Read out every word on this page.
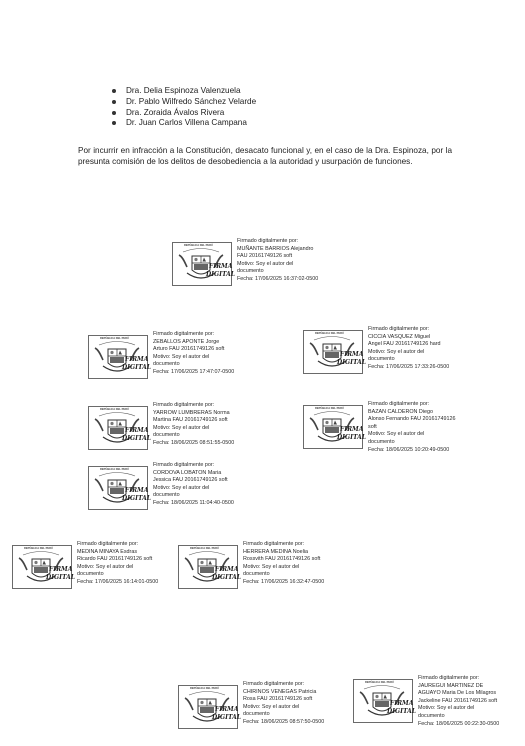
Dra. Delia Espinoza Valenzuela
Dr. Pablo Wilfredo Sánchez Velarde
Dra. Zoraida Ávalos Rivera
Dr. Juan Carlos Villena Campana

Por incurrir en infracción a la Constitución, desacato funcional y, en el caso de la Dra. Espinoza, por la presunta comisión de los delitos de desobediencia a la autoridad y usurpación de funciones.

REPÚBLICA DEL PERÚ
FIRMA
DIGITAL
Firmado digitalmente por:
MUÑANTE BARRIOS Alejandro
FAU 20161749126 soft
Motivo: Soy el autor del
documento
Fecha: 17/06/2025 16:37:02-0500
REPÚBLICA DEL PERÚ
FIRMA
DIGITAL
Firmado digitalmente por:
CICCIA VASQUEZ Miguel
Angel FAU 20161749126 hard
Motivo: Soy el autor del
documento
Fecha: 17/06/2025 17:33:26-0500
REPÚBLICA DEL PERÚ
FIRMA
DIGITAL
Firmado digitalmente por:
ZEBALLOS APONTE Jorge
Arturo FAU 20161749126 soft
Motivo: Soy el autor del
documento
Fecha: 17/06/2025 17:47:07-0500
REPÚBLICA DEL PERÚ
FIRMA
DIGITAL
Firmado digitalmente por:
YARROW LUMBRERAS Norma
Martina FAU 20161749126 soft
Motivo: Soy el autor del
documento
Fecha: 18/06/2025 08:51:55-0500
REPÚBLICA DEL PERÚ
FIRMA
DIGITAL
Firmado digitalmente por:
BAZAN CALDERON Diego
Alonso Fernando FAU 20161749126
soft
Motivo: Soy el autor del
documento
Fecha: 18/06/2025 10:20:49-0500
REPÚBLICA DEL PERÚ
FIRMA
DIGITAL
Firmado digitalmente por:
CORDOVA LOBATON Maria
Jessica FAU 20161749126 soft
Motivo: Soy el autor del
documento
Fecha: 18/06/2025 11:04:40-0500
REPÚBLICA DEL PERÚ
FIRMA
DIGITAL
Firmado digitalmente por:
MEDINA MINAYA Esdras
Ricardo FAU 20161749126 soft
Motivo: Soy el autor del
documento
Fecha: 17/06/2025 16:14:01-0500
REPÚBLICA DEL PERÚ
FIRMA
DIGITAL
Firmado digitalmente por:
HERRERA MEDINA Noelia
Rossvith FAU 20161749126 soft
Motivo: Soy el autor del
documento
Fecha: 17/06/2025 16:32:47-0500
REPÚBLICA DEL PERÚ
FIRMA
DIGITAL
Firmado digitalmente por:
JAUREGUI MARTINEZ DE
AGUAYO Maria De Los Milagros
Jackeline FAU 20161749126 soft
Motivo: Soy el autor del
documento
Fecha: 18/06/2025 00:22:30-0500
REPÚBLICA DEL PERÚ
FIRMA
DIGITAL
Firmado digitalmente por:
CHIRINOS VENEGAS Patricia
Rosa FAU 20161749126 soft
Motivo: Soy el autor del
documento
Fecha: 18/06/2025 08:57:50-0500
